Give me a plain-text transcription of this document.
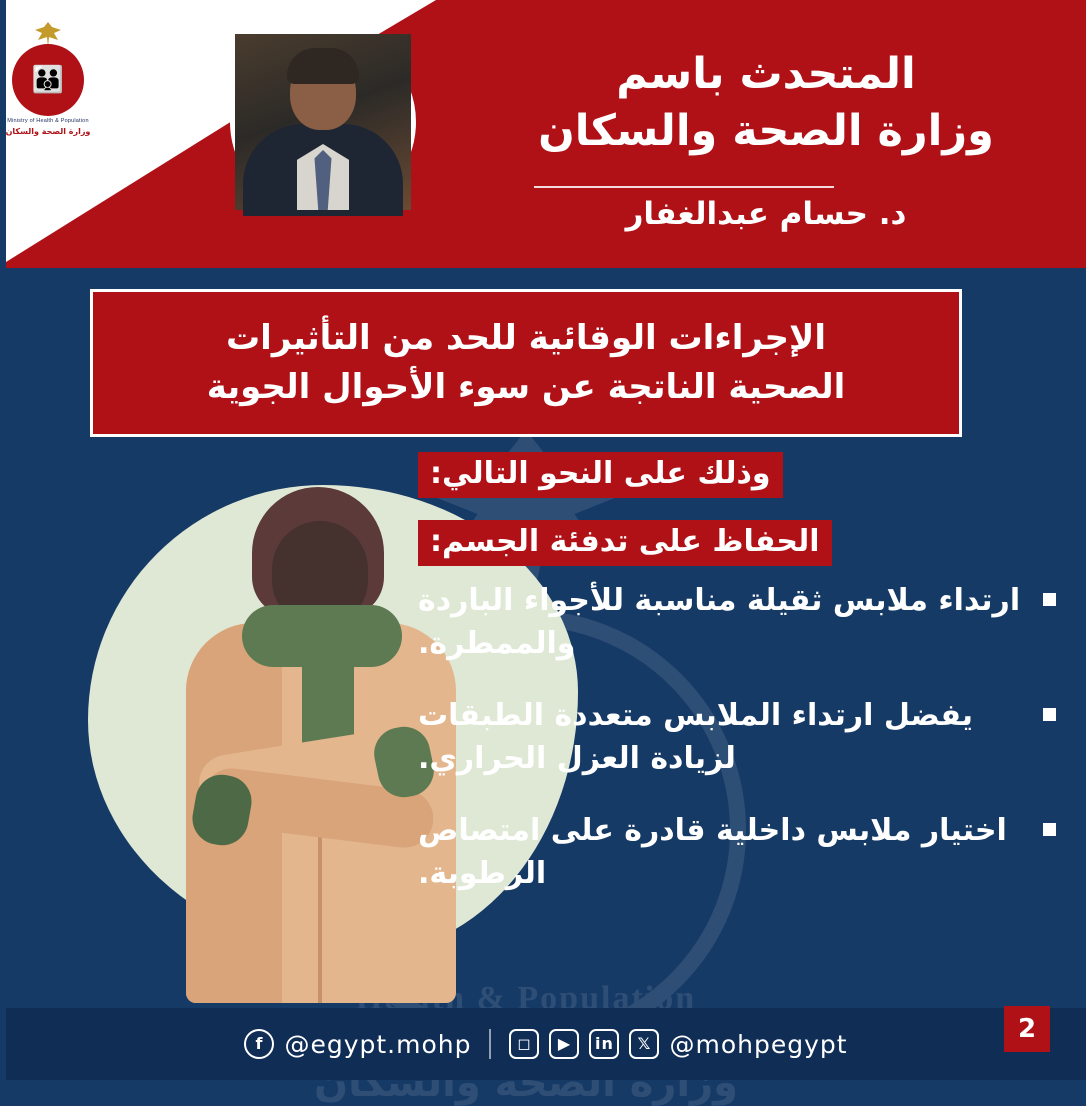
👪
Ministry of Health & Population
وزارة الصحة والسكان
المتحدث باسم
وزارة الصحة والسكان
د. حسام عبدالغفار
Health & Population
وزارة الصحة والسكان
الإجراءات الوقائية للحد من التأثيرات
الصحية الناتجة عن سوء الأحوال الجوية
وذلك على النحو التالي:
الحفاظ على تدفئة الجسم:
ارتداء ملابس ثقيلة مناسبة للأجواء الباردة والممطرة.
يفضل ارتداء الملابس متعددة الطبقات لزيادة العزل الحراري.
اختيار ملابس داخلية قادرة على امتصاص الرطوبة.
f @egypt.mohp	◻	▶	in	𝕏 @mohpegypt	2
